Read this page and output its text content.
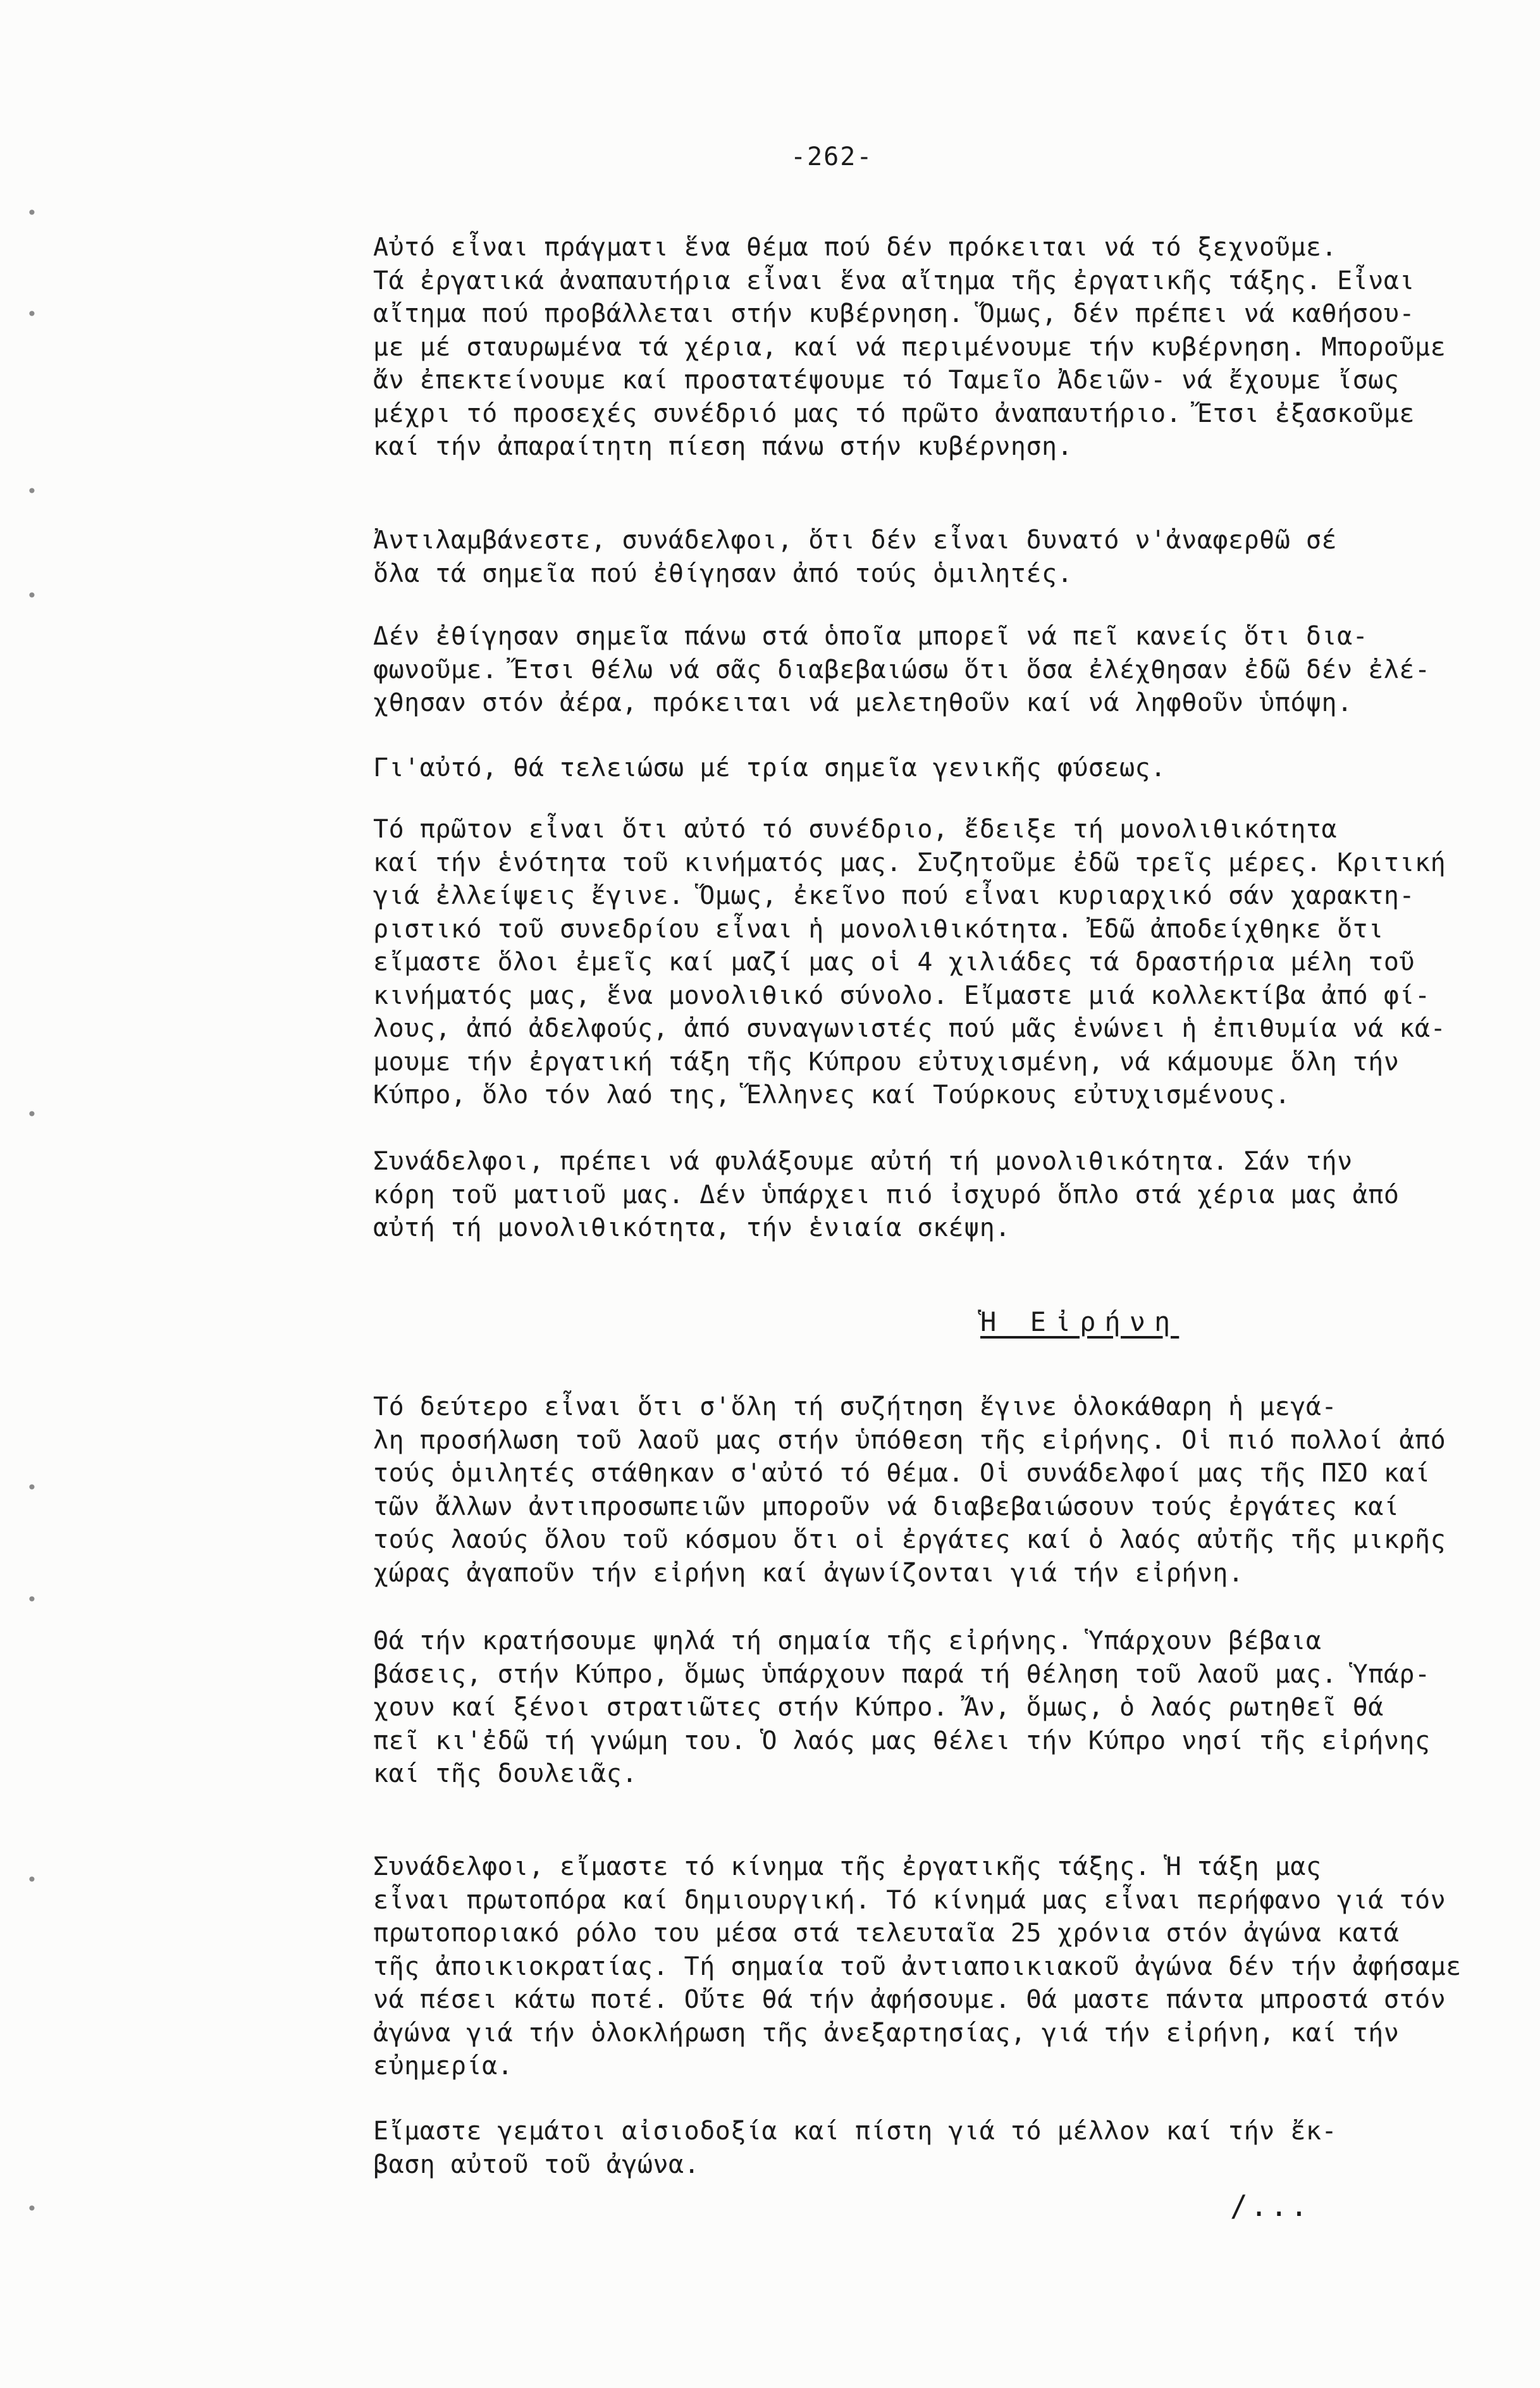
-262-
Αὐτό εἶναι πράγματι ἕνα θέμα πού δέν πρόκειται νά τό ξεχνοῦμε.
Τά ἐργατικά ἀναπαυτήρια εἶναι ἕνα αἴτημα τῆς ἐργατικῆς τάξης. Εἶναι
αἴτημα πού προβάλλεται στήν κυβέρνηση. Ὅμως, δέν πρέπει νά καθήσου-
με μέ σταυρωμένα τά χέρια, καί νά περιμένουμε τήν κυβέρνηση. Μποροῦμε
ἄν ἐπεκτείνουμε καί προστατέψουμε τό Ταμεῖο Ἀδειῶν- νά ἔχουμε ἴσως
μέχρι τό προσεχές συνέδριό μας τό πρῶτο ἀναπαυτήριο. Ἔτσι ἐξασκοῦμε
καί τήν ἀπαραίτητη πίεση πάνω στήν κυβέρνηση.
Ἀντιλαμβάνεστε, συνάδελφοι, ὅτι δέν εἶναι δυνατό ν'ἀναφερθῶ σέ
ὅλα τά σημεῖα πού ἐθίγησαν ἀπό τούς ὁμιλητές.
Δέν ἐθίγησαν σημεῖα πάνω στά ὁποῖα μπορεῖ νά πεῖ κανείς ὅτι δια-
φωνοῦμε. Ἔτσι θέλω νά σᾶς διαβεβαιώσω ὅτι ὅσα ἐλέχθησαν ἐδῶ δέν ἐλέ-
χθησαν στόν ἀέρα, πρόκειται νά μελετηθοῦν καί νά ληφθοῦν ὑπόψη.
Γι'αὐτό, θά τελειώσω μέ τρία σημεῖα γενικῆς φύσεως.
Τό πρῶτον εἶναι ὅτι αὐτό τό συνέδριο, ἔδειξε τή μονολιθικότητα
καί τήν ἑνότητα τοῦ κινήματός μας. Συζητοῦμε ἐδῶ τρεῖς μέρες. Κριτική
γιά ἐλλείψεις ἔγινε. Ὅμως, ἐκεῖνο πού εἶναι κυριαρχικό σάν χαρακτη-
ριστικό τοῦ συνεδρίου εἶναι ἡ μονολιθικότητα. Ἐδῶ ἀποδείχθηκε ὅτι
εἴμαστε ὅλοι ἐμεῖς καί μαζί μας οἱ 4 χιλιάδες τά δραστήρια μέλη τοῦ
κινήματός μας, ἕνα μονολιθικό σύνολο. Εἴμαστε μιά κολλεκτίβα ἀπό φί-
λους, ἀπό ἀδελφούς, ἀπό συναγωνιστές πού μᾶς ἑνώνει ἡ ἐπιθυμία νά κά-
μουμε τήν ἐργατική τάξη τῆς Κύπρου εὐτυχισμένη, νά κάμουμε ὅλη τήν
Κύπρο, ὅλο τόν λαό της, Ἕλληνες καί Τούρκους εὐτυχισμένους.
Συνάδελφοι, πρέπει νά φυλάξουμε αὐτή τή μονολιθικότητα. Σάν τήν
κόρη τοῦ ματιοῦ μας. Δέν ὑπάρχει πιό ἰσχυρό ὅπλο στά χέρια μας ἀπό
αὐτή τή μονολιθικότητα, τήν ἑνιαία σκέψη.
Ἡ Εἰρήνη
Τό δεύτερο εἶναι ὅτι σ'ὅλη τή συζήτηση ἔγινε ὁλοκάθαρη ἡ μεγά-
λη προσήλωση τοῦ λαοῦ μας στήν ὑπόθεση τῆς εἰρήνης. Οἱ πιό πολλοί ἀπό
τούς ὁμιλητές στάθηκαν σ'αὐτό τό θέμα. Οἱ συνάδελφοί μας τῆς ΠΣΟ καί
τῶν ἄλλων ἀντιπροσωπειῶν μποροῦν νά διαβεβαιώσουν τούς ἐργάτες καί
τούς λαούς ὅλου τοῦ κόσμου ὅτι οἱ ἐργάτες καί ὁ λαός αὐτῆς τῆς μικρῆς
χώρας ἀγαποῦν τήν εἰρήνη καί ἀγωνίζονται γιά τήν εἰρήνη.
Θά τήν κρατήσουμε ψηλά τή σημαία τῆς εἰρήνης. Ὑπάρχουν βέβαια
βάσεις, στήν Κύπρο, ὅμως ὑπάρχουν παρά τή θέληση τοῦ λαοῦ μας. Ὑπάρ-
χουν καί ξένοι στρατιῶτες στήν Κύπρο. Ἄν, ὅμως, ὁ λαός ρωτηθεῖ θά
πεῖ κι'ἐδῶ τή γνώμη του. Ὁ λαός μας θέλει τήν Κύπρο νησί τῆς εἰρήνης
καί τῆς δουλειᾶς.
Συνάδελφοι, εἴμαστε τό κίνημα τῆς ἐργατικῆς τάξης. Ἡ τάξη μας
εἶναι πρωτοπόρα καί δημιουργική. Τό κίνημά μας εἶναι περήφανο γιά τόν
πρωτοποριακό ρόλο του μέσα στά τελευταῖα 25 χρόνια στόν ἀγώνα κατά
τῆς ἀποικιοκρατίας. Τή σημαία τοῦ ἀντιαποικιακοῦ ἀγώνα δέν τήν ἀφήσαμε
νά πέσει κάτω ποτέ. Οὔτε θά τήν ἀφήσουμε. Θά μαστε πάντα μπροστά στόν
ἀγώνα γιά τήν ὁλοκλήρωση τῆς ἀνεξαρτησίας, γιά τήν εἰρήνη, καί τήν
εὐημερία.
Εἴμαστε γεμάτοι αἰσιοδοξία καί πίστη γιά τό μέλλον καί τήν ἔκ-
βαση αὐτοῦ τοῦ ἀγώνα.
/...
•
•
•
•
•
•
•
•
•
